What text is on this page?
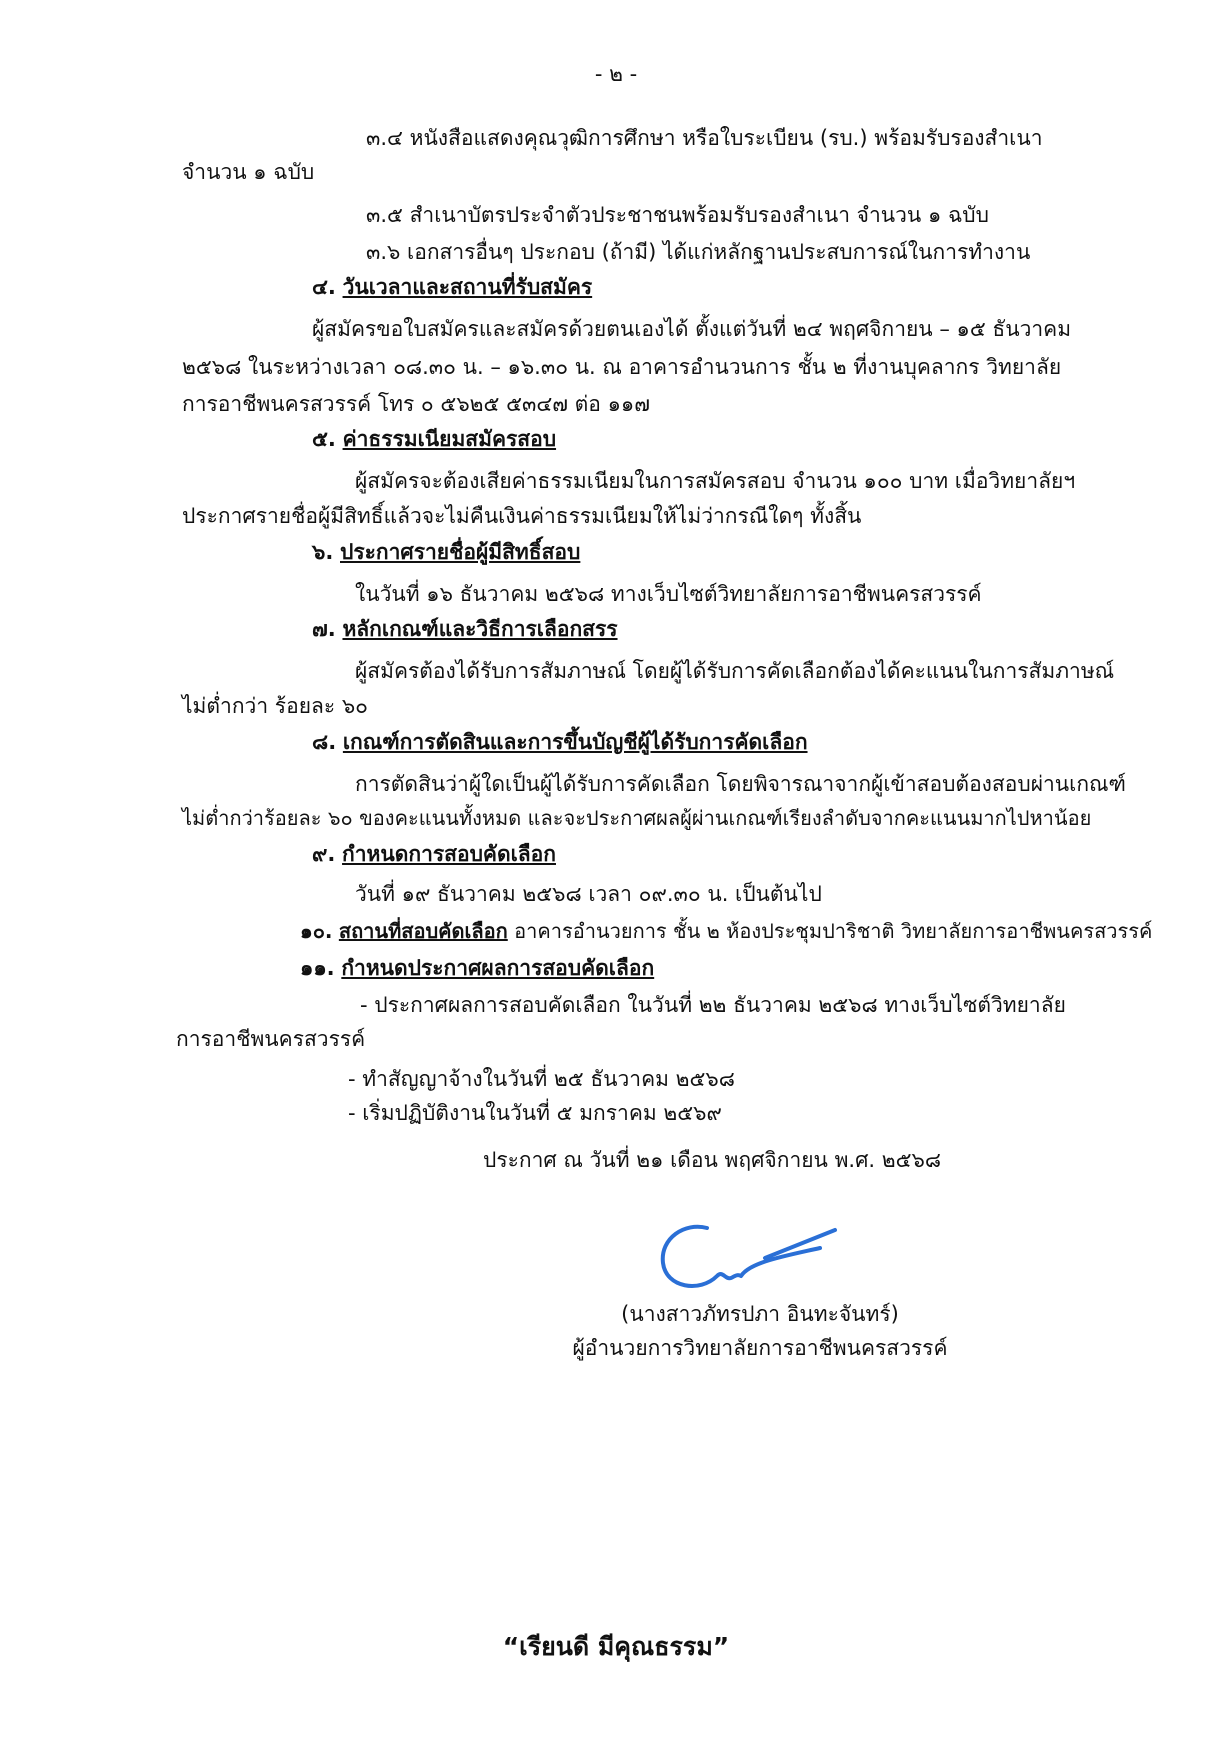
- ๒ -
๓.๔ หนังสือแสดงคุณวุฒิการศึกษา หรือใบระเบียน (รบ.) พร้อมรับรองสำเนา
จำนวน ๑ ฉบับ
๓.๕ สำเนาบัตรประจำตัวประชาชนพร้อมรับรองสำเนา จำนวน ๑ ฉบับ
๓.๖ เอกสารอื่นๆ ประกอบ (ถ้ามี) ได้แก่หลักฐานประสบการณ์ในการทำงาน
๔. วันเวลาและสถานที่รับสมัคร
ผู้สมัครขอใบสมัครและสมัครด้วยตนเองได้ ตั้งแต่วันที่ ๒๔ พฤศจิกายน – ๑๕ ธันวาคม
๒๕๖๘ ในระหว่างเวลา ๐๘.๓๐ น. – ๑๖.๓๐ น. ณ อาคารอำนวนการ ชั้น ๒ ที่งานบุคลากร วิทยาลัย
การอาชีพนครสวรรค์ โทร ๐ ๕๖๒๕ ๕๓๔๗ ต่อ ๑๑๗
๕. ค่าธรรมเนียมสมัครสอบ
ผู้สมัครจะต้องเสียค่าธรรมเนียมในการสมัครสอบ จำนวน ๑๐๐ บาท เมื่อวิทยาลัยฯ
ประกาศรายชื่อผู้มีสิทธิ์แล้วจะไม่คืนเงินค่าธรรมเนียมให้ไม่ว่ากรณีใดๆ ทั้งสิ้น
๖. ประกาศรายชื่อผู้มีสิทธิ์สอบ
ในวันที่ ๑๖ ธันวาคม ๒๕๖๘ ทางเว็บไซต์วิทยาลัยการอาชีพนครสวรรค์
๗. หลักเกณฑ์และวิธีการเลือกสรร
ผู้สมัครต้องได้รับการสัมภาษณ์ โดยผู้ได้รับการคัดเลือกต้องได้คะแนนในการสัมภาษณ์
ไม่ต่ำกว่า ร้อยละ ๖๐
๘. เกณฑ์การตัดสินและการขึ้นบัญชีผู้ได้รับการคัดเลือก
การตัดสินว่าผู้ใดเป็นผู้ได้รับการคัดเลือก โดยพิจารณาจากผู้เข้าสอบต้องสอบผ่านเกณฑ์
ไม่ต่ำกว่าร้อยละ ๖๐ ของคะแนนทั้งหมด และจะประกาศผลผู้ผ่านเกณฑ์เรียงลำดับจากคะแนนมากไปหาน้อย
๙. กำหนดการสอบคัดเลือก
วันที่ ๑๙ ธันวาคม ๒๕๖๘ เวลา ๐๙.๓๐ น. เป็นต้นไป
๑๐. สถานที่สอบคัดเลือก อาคารอำนวยการ ชั้น ๒ ห้องประชุมปาริชาติ วิทยาลัยการอาชีพนครสวรรค์
๑๑. กำหนดประกาศผลการสอบคัดเลือก
- ประกาศผลการสอบคัดเลือก ในวันที่ ๒๒ ธันวาคม ๒๕๖๘ ทางเว็บไซต์วิทยาลัย
การอาชีพนครสวรรค์
- ทำสัญญาจ้างในวันที่ ๒๕ ธันวาคม ๒๕๖๘
- เริ่มปฏิบัติงานในวันที่ ๕ มกราคม ๒๕๖๙
ประกาศ ณ วันที่ ๒๑ เดือน พฤศจิกายน พ.ศ. ๒๕๖๘
(นางสาวภัทรปภา อินทะจันทร์)
ผู้อำนวยการวิทยาลัยการอาชีพนครสวรรค์
“เรียนดี มีคุณธรรม”
